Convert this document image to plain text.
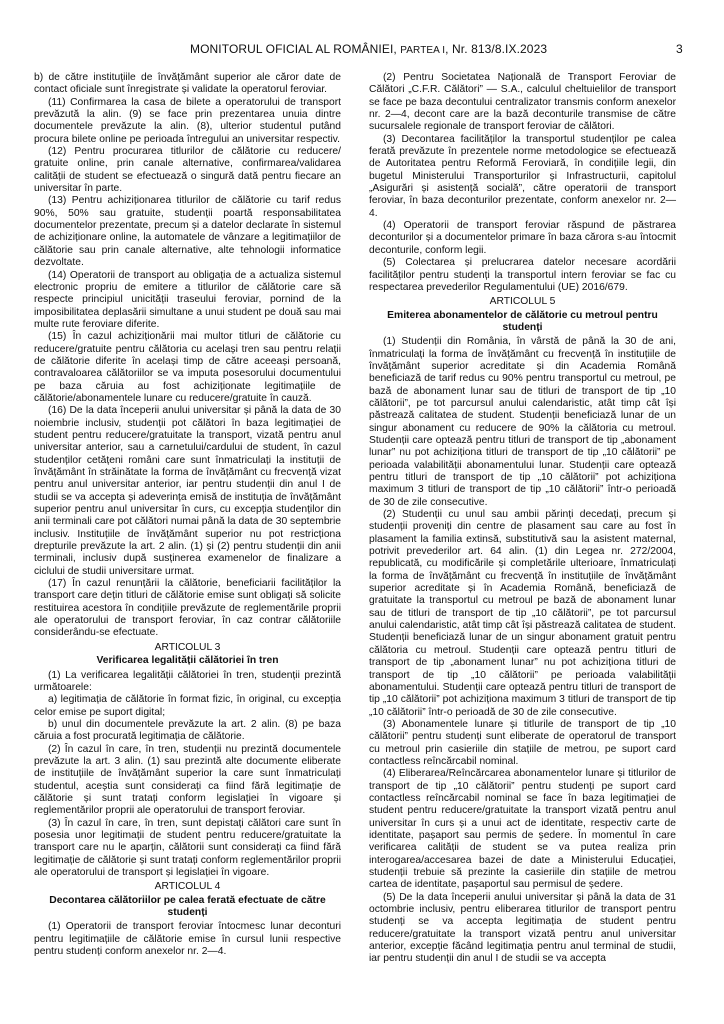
MONITORUL OFICIAL AL ROMÂNIEI, PARTEA I, Nr. 813/8.IX.2023	3

b) de către instituțiile de învățământ superior ale căror date de contact oficiale sunt înregistrate și validate la operatorul feroviar.

(11) Confirmarea la casa de bilete a operatorului de transport prevăzută la alin. (9) se face prin prezentarea unuia dintre documentele prevăzute la alin. (8), ulterior studentul putând procura bilete online pe perioada întregului an universitar respectiv.

(12) Pentru procurarea titlurilor de călătorie cu reducere/ gratuite online, prin canale alternative, confirmarea/validarea calității de student se efectuează o singură dată pentru fiecare an universitar în parte.

(13) Pentru achiziționarea titlurilor de călătorie cu tarif redus 90%, 50% sau gratuite, studenții poartă responsabilitatea documentelor prezentate, precum și a datelor declarate în sistemul de achiziționare online, la automatele de vânzare a legitimațiilor de călătorie sau prin canale alternative, alte tehnologii informatice dezvoltate.

(14) Operatorii de transport au obligația de a actualiza sistemul electronic propriu de emitere a titlurilor de călătorie care să respecte principiul unicității traseului feroviar, pornind de la imposibilitatea deplasării simultane a unui student pe două sau mai multe rute feroviare diferite.

(15) În cazul achiziționării mai multor titluri de călătorie cu reducere/gratuite pentru călătoria cu același tren sau pentru relații de călătorie diferite în același timp de către aceeași persoană, contravaloarea călătoriilor se va imputa posesorului documentului pe baza căruia au fost achiziționate legitimațiile de călătorie/abonamentele lunare cu reducere/gratuite în cauză.

(16) De la data începerii anului universitar și până la data de 30 noiembrie inclusiv, studenții pot călători în baza legitimației de student pentru reducere/gratuitate la transport, vizată pentru anul universitar anterior, sau a carnetului/cardului de student, în cazul studenților cetățeni români care sunt înmatriculați la instituții de învățământ în străinătate la forma de învățământ cu frecvență vizat pentru anul universitar anterior, iar pentru studenții din anul I de studii se va accepta și adeverința emisă de instituția de învățământ superior pentru anul universitar în curs, cu excepția studenților din anii terminali care pot călători numai până la data de 30 septembrie inclusiv. Instituțiile de învățământ superior nu pot restricționa drepturile prevăzute la art. 2 alin. (1) și (2) pentru studenții din anii terminali, inclusiv după susținerea examenelor de finalizare a ciclului de studii universitare urmat.

(17) În cazul renunțării la călătorie, beneficiarii facilităților la transport care dețin titluri de călătorie emise sunt obligați să solicite restituirea acestora în condițiile prevăzute de reglementările proprii ale operatorului de transport feroviar, în caz contrar călătoriile considerându-se efectuate.

ARTICOLUL 3

Verificarea legalității călătoriei în tren

(1) La verificarea legalității călătoriei în tren, studenții prezintă următoarele:

a) legitimația de călătorie în format fizic, în original, cu excepția celor emise pe suport digital;

b) unul din documentele prevăzute la art. 2 alin. (8) pe baza căruia a fost procurată legitimația de călătorie.

(2) În cazul în care, în tren, studenții nu prezintă documentele prevăzute la art. 3 alin. (1) sau prezintă alte documente eliberate de instituțiile de învățământ superior la care sunt înmatriculați studentul, aceștia sunt considerați ca fiind fără legitimație de călătorie și sunt tratați conform legislației în vigoare și reglementărilor proprii ale operatorului de transport feroviar.

(3) În cazul în care, în tren, sunt depistați călători care sunt în posesia unor legitimații de student pentru reducere/gratuitate la transport care nu le aparțin, călătorii sunt considerați ca fiind fără legitimație de călătorie și sunt tratați conform reglementărilor proprii ale operatorului de transport și legislației în vigoare.

ARTICOLUL 4

Decontarea călătoriilor pe calea ferată efectuate de către studenți

(1) Operatorii de transport feroviar întocmesc lunar deconturi pentru legitimațiile de călătorie emise în cursul lunii respective pentru studenți conform anexelor nr. 2—4.

(2) Pentru Societatea Națională de Transport Feroviar de Călători „C.F.R. Călători” — S.A., calculul cheltuielilor de transport se face pe baza decontului centralizator transmis conform anexelor nr. 2—4, decont care are la bază deconturile transmise de către sucursalele regionale de transport feroviar de călători.

(3) Decontarea facilităților la transportul studenților pe calea ferată prevăzute în prezentele norme metodologice se efectuează de Autoritatea pentru Reformă Feroviară, în condițiile legii, din bugetul Ministerului Transporturilor și Infrastructurii, capitolul „Asigurări și asistență socială”, către operatorii de transport feroviar, în baza deconturilor prezentate, conform anexelor nr. 2—4.

(4) Operatorii de transport feroviar răspund de păstrarea deconturilor și a documentelor primare în baza cărora s-au întocmit deconturile, conform legii.

(5) Colectarea și prelucrarea datelor necesare acordării facilităților pentru studenți la transportul intern feroviar se fac cu respectarea prevederilor Regulamentului (UE) 2016/679.

ARTICOLUL 5

Emiterea abonamentelor de călătorie cu metroul pentru studenți

(1) Studenții din România, în vârstă de până la 30 de ani, înmatriculați la forma de învățământ cu frecvență în instituțiile de învățământ superior acreditate și din Academia Română beneficiază de tarif redus cu 90% pentru transportul cu metroul, pe bază de abonament lunar sau de titluri de transport de tip „10 călătorii”, pe tot parcursul anului calendaristic, atât timp cât își păstrează calitatea de student. Studenții beneficiază lunar de un singur abonament cu reducere de 90% la călătoria cu metroul. Studenții care optează pentru titluri de transport de tip „abonament lunar” nu pot achiziționa titluri de transport de tip „10 călătorii” pe perioada valabilității abonamentului lunar. Studenții care optează pentru titluri de transport de tip „10 călătorii” pot achiziționa maximum 3 titluri de transport de tip „10 călătorii” într-o perioadă de 30 de zile consecutive.

(2) Studenții cu unul sau ambii părinți decedați, precum și studenții proveniți din centre de plasament sau care au fost în plasament la familia extinsă, substitutivă sau la asistent maternal, potrivit prevederilor art. 64 alin. (1) din Legea nr. 272/2004, republicată, cu modificările și completările ulterioare, înmatriculați la forma de învățământ cu frecvență în instituțiile de învățământ superior acreditate și în Academia Română, beneficiază de gratuitate la transportul cu metroul pe bază de abonament lunar sau de titluri de transport de tip „10 călătorii”, pe tot parcursul anului calendaristic, atât timp cât își păstrează calitatea de student. Studenții beneficiază lunar de un singur abonament gratuit pentru călătoria cu metroul. Studenții care optează pentru titluri de transport de tip „abonament lunar” nu pot achiziționa titluri de transport de tip „10 călătorii” pe perioada valabilității abonamentului. Studenții care optează pentru titluri de transport de tip „10 călătorii” pot achiziționa maximum 3 titluri de transport de tip „10 călătorii” într-o perioadă de 30 de zile consecutive.

(3) Abonamentele lunare și titlurile de transport de tip „10 călătorii” pentru studenți sunt eliberate de operatorul de transport cu metroul prin casieriile din stațiile de metrou, pe suport card contactless reîncărcabil nominal.

(4) Eliberarea/Reîncărcarea abonamentelor lunare și titlurilor de transport de tip „10 călătorii” pentru studenți pe suport card contactless reîncărcabil nominal se face în baza legitimației de student pentru reducere/gratuitate la transport vizată pentru anul universitar în curs și a unui act de identitate, respectiv carte de identitate, pașaport sau permis de ședere. În momentul în care verificarea calității de student se va putea realiza prin interogarea/accesarea bazei de date a Ministerului Educației, studenții trebuie să prezinte la casieriile din stațiile de metrou cartea de identitate, pașaportul sau permisul de ședere.

(5) De la data începerii anului universitar și până la data de 31 octombrie inclusiv, pentru eliberarea titlurilor de transport pentru studenți se va accepta legitimația de student pentru reducere/gratuitate la transport vizată pentru anul universitar anterior, excepție făcând legitimația pentru anul terminal de studii, iar pentru studenții din anul I de studii se va accepta
